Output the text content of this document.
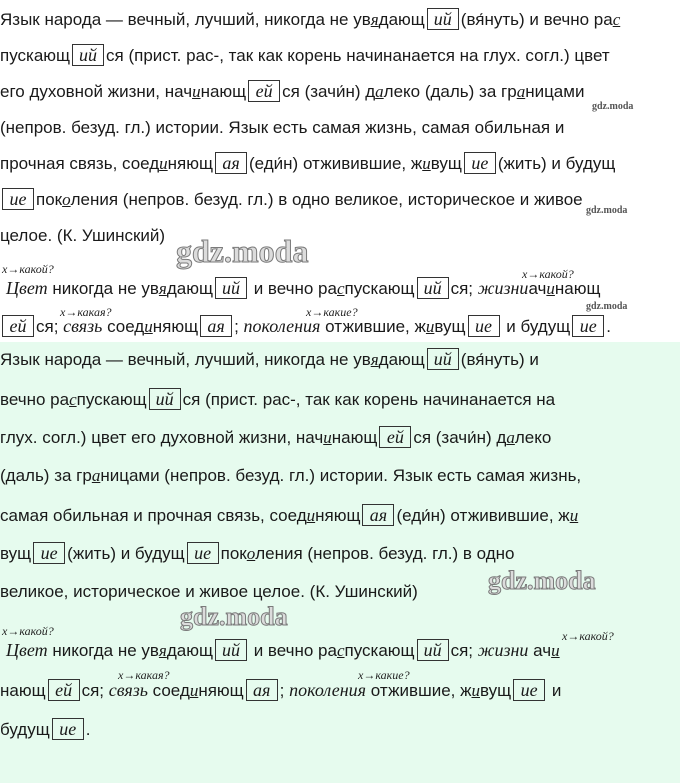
Язык народа — вечный, лучший, никогда не увядающ ий (вя́нуть) и вечно рас
пускающ ий ся (прист. рас-, так как корень начинанается на глух. согл.) цвет
его духовной жизни, начинающ ей ся (зачи́н) далеко (даль) за границами
gdz.moda
(непров. безуд. гл.) истории. Язык есть самая жизнь, самая обильная и
прочная связь, соединяющ ая (еди́н) отживившие, живущ ие (жить) и будущ
ие поколения (непров. безуд. гл.) в одно великое, историческое и живое
gdz.moda
целое. (К. Ушинский) gdz.moda
х→какой?	х→какой?
Цвет никогда не увядающ ий и вечно распускающ ий ся; жизниачинающ
gdz.moda
х→какая?	х→какие?
ей ся; связь соединяющ ая ; поколения отжившие, живущ ие и будущ ие .
Язык народа — вечный, лучший, никогда не увядающ ий (вя́нуть) и
вечно распускающ ий ся (прист. рас-, так как корень начинанается на
глух. согл.) цвет его духовной жизни, начинающ ей ся (зачи́н) далеко
(даль) за границами (непров. безуд. гл.) истории. Язык есть самая жизнь,
самая обильная и прочная связь, соединяющ ая (еди́н) отживившие, жи
вущ ие (жить) и будущ ие поколения (непров. безуд. гл.) в одно
великое, историческое и живое целое. (К. Ушинский)	gdz.moda
gdz.moda
х→какой?	х→какой?
Цвет никогда не увядающ ий и вечно распускающ ий ся; жизни ачи
х→какая?	х→какие?
нающ ей ся; связь соединяющ ая ; поколения отжившие, живущ ие и
будущ ие .
